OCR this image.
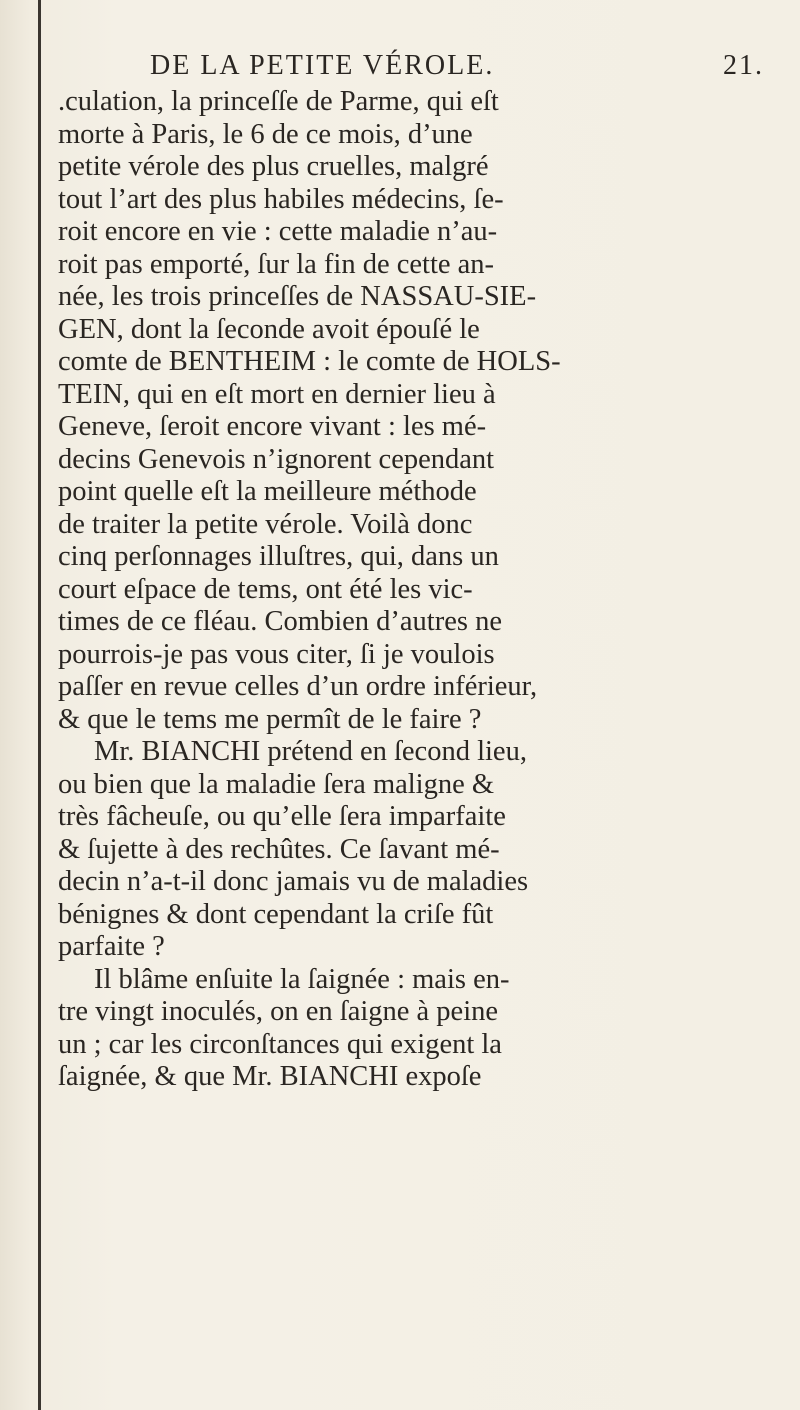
DE LA PETITE VÉROLE.	21.
.culation, la princeſſe de Parme, qui eſt
morte à Paris, le 6 de ce mois, d’une
petite vérole des plus cruelles, malgré
tout l’art des plus habiles médecins, ſe-
roit encore en vie : cette maladie n’au-
roit pas emporté, ſur la fin de cette an-
née, les trois princeſſes de NASSAU-SIE-
GEN, dont la ſeconde avoit épouſé le
comte de BENTHEIM : le comte de HOLS-
TEIN, qui en eſt mort en dernier lieu à
Geneve, ſeroit encore vivant : les mé-
decins Genevois n’ignorent cependant
point quelle eſt la meilleure méthode
de traiter la petite vérole. Voilà donc
cinq perſonnages illuſtres, qui, dans un
court eſpace de tems, ont été les vic-
times de ce fléau. Combien d’autres ne
pourrois-je pas vous citer, ſi je voulois
paſſer en revue celles d’un ordre inférieur,
& que le tems me permît de le faire ?
Mr. BIANCHI prétend en ſecond lieu,
ou bien que la maladie ſera maligne &
très fâcheuſe, ou qu’elle ſera imparfaite
& ſujette à des rechûtes. Ce ſavant mé-
decin n’a-t-il donc jamais vu de maladies
bénignes & dont cependant la criſe fût
parfaite ?
Il blâme enſuite la ſaignée : mais en-
tre vingt inoculés, on en ſaigne à peine
un ; car les circonſtances qui exigent la
ſaignée, & que Mr. BIANCHI expoſe
